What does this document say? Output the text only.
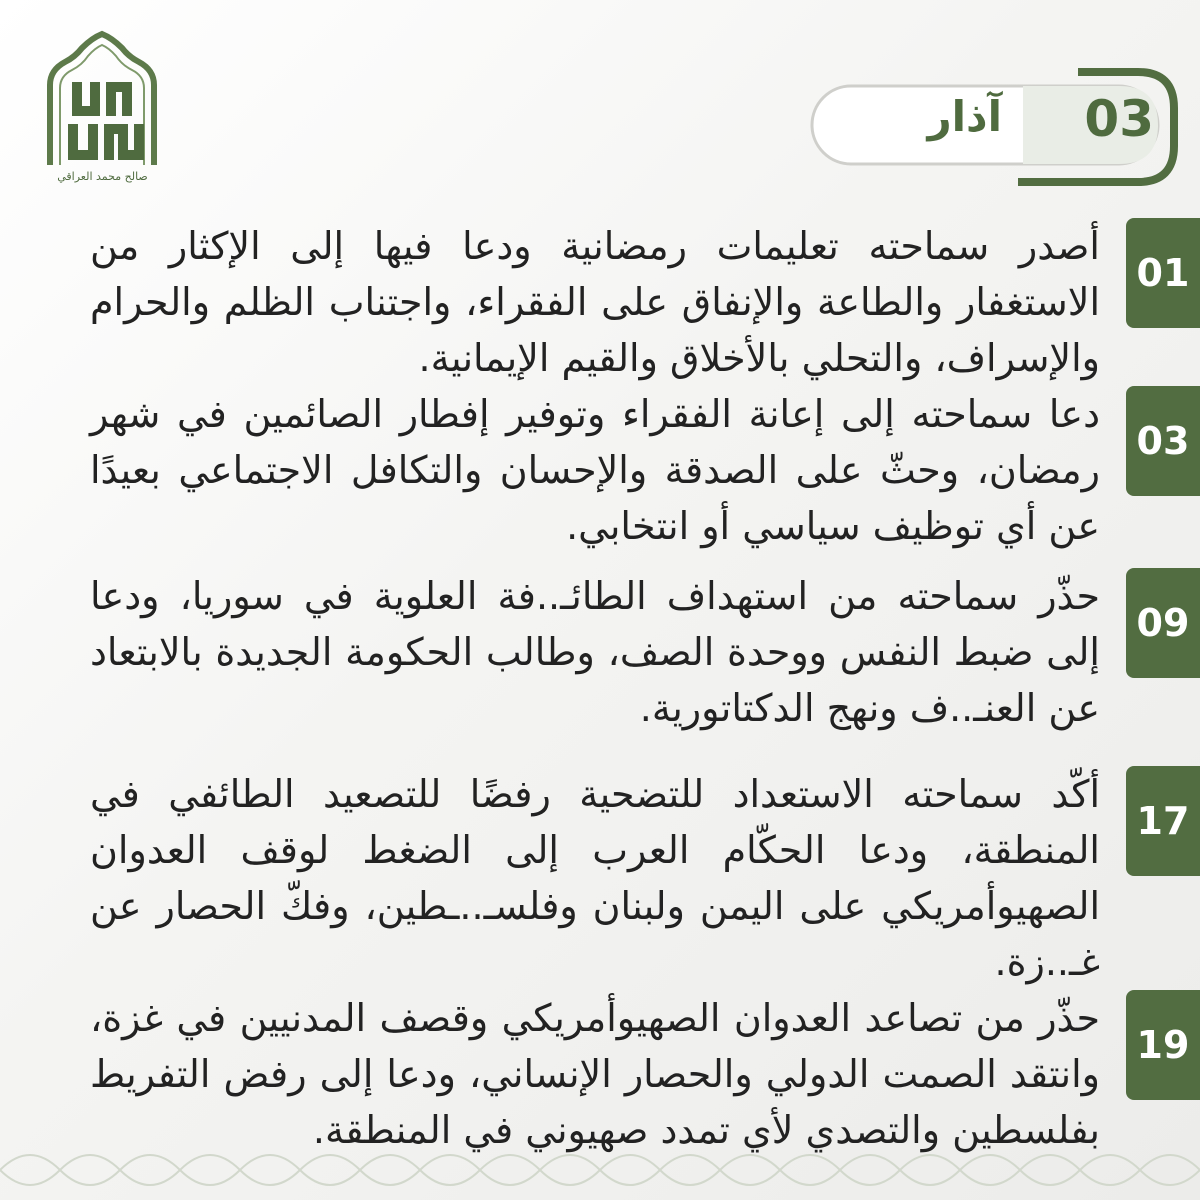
صالح محمد العراقي
03
آذار
01
أصدر سماحته تعليمات رمضانية ودعا فيها إلى الإكثار من الاستغفار والطاعة والإنفاق على الفقراء، واجتناب الظلم والحرام والإسراف، والتحلي بالأخلاق والقيم الإيمانية.
03
دعا سماحته إلى إعانة الفقراء وتوفير إفطار الصائمين في شهر رمضان، وحثّ على الصدقة والإحسان والتكافل الاجتماعي بعيدًا عن أي توظيف سياسي أو انتخابي.
09
حذّر سماحته من استهداف الطائـ..فة العلوية في سوريا، ودعا إلى ضبط النفس ووحدة الصف، وطالب الحكومة الجديدة بالابتعاد عن العنـ..ف ونهج الدكتاتورية.
17
أكّد سماحته الاستعداد للتضحية رفضًا للتصعيد الطائفي في المنطقة، ودعا الحكّام العرب إلى الضغط لوقف العدوان الصهيوأمريكي على اليمن ولبنان وفلسـ..ـطين، وفكّ الحصار عن غـ..زة.
19
حذّر من تصاعد العدوان الصهيوأمريكي وقصف المدنيين في غزة، وانتقد الصمت الدولي والحصار الإنساني، ودعا إلى رفض التفريط بفلسطين والتصدي لأي تمدد صهيوني في المنطقة.
